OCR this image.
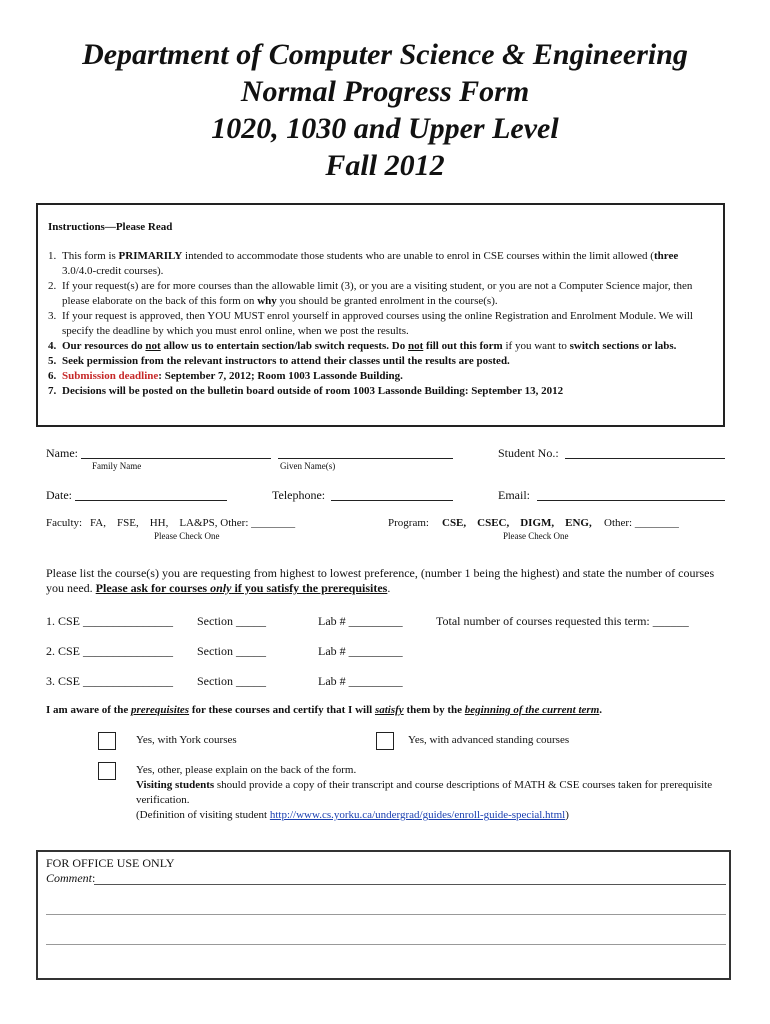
Department of Computer Science & Engineering
Normal Progress Form
1020, 1030 and Upper Level
Fall 2012
Instructions—Please Read
1. This form is PRIMARILY intended to accommodate those students who are unable to enrol in CSE courses within the limit allowed (three 3.0/4.0-credit courses).
2. If your request(s) are for more courses than the allowable limit (3), or you are a visiting student, or you are not a Computer Science major, then please elaborate on the back of this form on why you should be granted enrolment in the course(s).
3. If your request is approved, then YOU MUST enrol yourself in approved courses using the online Registration and Enrolment Module. We will specify the deadline by which you must enrol online, when we post the results.
4. Our resources do not allow us to entertain section/lab switch requests. Do not fill out this form if you want to switch sections or labs.
5. Seek permission from the relevant instructors to attend their classes until the results are posted.
6. Submission deadline: September 7, 2012; Room 1003 Lassonde Building.
7. Decisions will be posted on the bulletin board outside of room 1003 Lassonde Building: September 13, 2012
Name:
Family Name	Given Name(s)
Student No.:
Date:	Telephone:	Email:
Faculty: FA,    FSE,    HH,    LA&PS, Other: ________
Please Check One
Program: CSE,    CSEC,    DIGM,    ENG, Other: ________
Please Check One
Please list the course(s) you are requesting from highest to lowest preference, (number 1 being the highest) and state the number of courses you need. Please ask for courses only if you satisfy the prerequisites.
1. CSE _______________ Section _____	Lab # _________	Total number of courses requested this term: ______
2. CSE _______________ Section _____	Lab # _________
3. CSE _______________ Section _____	Lab # _________
I am aware of the prerequisites for these courses and certify that I will satisfy them by the beginning of the current term.
Yes, with York courses	Yes, with advanced standing courses
Yes, other, please explain on the back of the form.
Visiting students should provide a copy of their transcript and course descriptions of MATH & CSE courses taken for prerequisite verification.
(Definition of visiting student http://www.cs.yorku.ca/undergrad/guides/enroll-guide-special.html)
FOR OFFICE USE ONLY
Comment:
